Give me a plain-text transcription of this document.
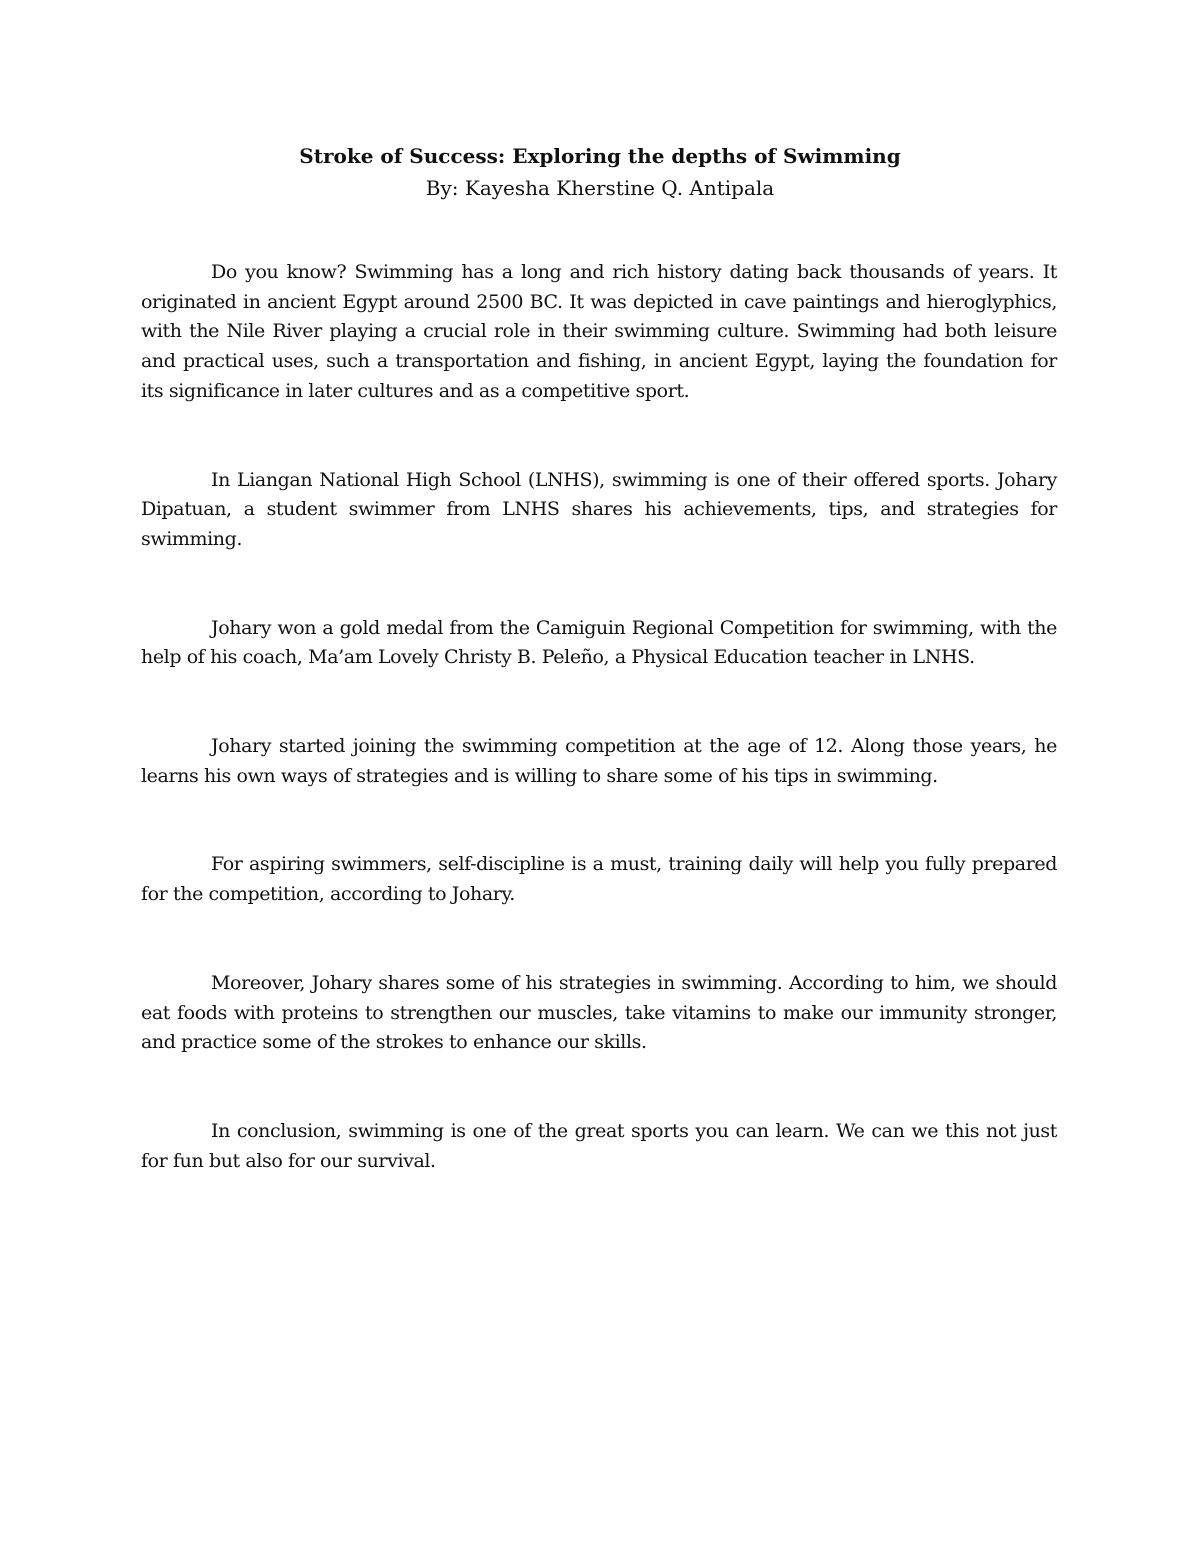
Stroke of Success: Exploring the depths of Swimming

By: Kayesha Kherstine Q. Antipala

Do you know? Swimming has a long and rich history dating back thousands of years. It originated in ancient Egypt around 2500 BC. It was depicted in cave paintings and hieroglyphics, with the Nile River playing a crucial role in their swimming culture. Swimming had both leisure and practical uses, such a transportation and fishing, in ancient Egypt, laying the foundation for its significance in later cultures and as a competitive sport.

In Liangan National High School (LNHS), swimming is one of their offered sports. Johary Dipatuan, a student swimmer from LNHS shares his achievements, tips, and strategies for swimming.

Johary won a gold medal from the Camiguin Regional Competition for swimming, with the help of his coach, Ma’am Lovely Christy B. Peleño, a Physical Education teacher in LNHS.

Johary started joining the swimming competition at the age of 12. Along those years, he learns his own ways of strategies and is willing to share some of his tips in swimming.

For aspiring swimmers, self-discipline is a must, training daily will help you fully prepared for the competition, according to Johary.

Moreover, Johary shares some of his strategies in swimming. According to him, we should eat foods with proteins to strengthen our muscles, take vitamins to make our immunity stronger, and practice some of the strokes to enhance our skills.

In conclusion, swimming is one of the great sports you can learn. We can we this not just for fun but also for our survival.
